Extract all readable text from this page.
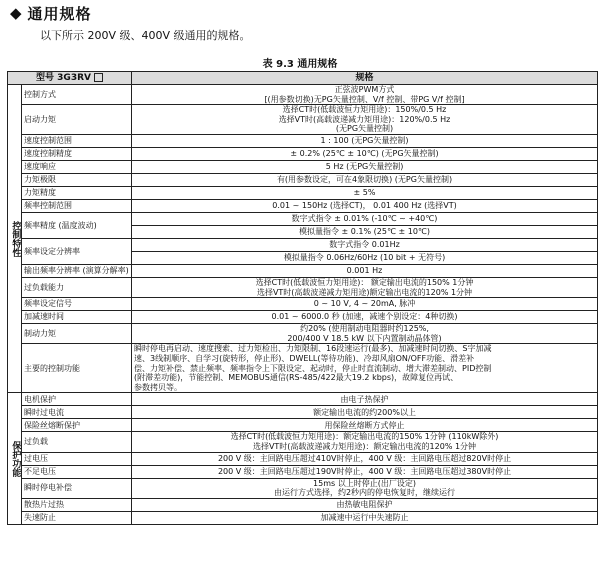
◆ 通用规格
以下所示 200V 级、400V 级通用的规格。
表 9.3 通用规格
型号 3G3RV		规格
控制特性	控制方式	正弦波PWM方式
[(用参数切换)无PG矢量控制、V/f 控制、带PG V/f 控制]

	启动力矩	选择CT时(低载波恒力矩用途)：150%/0.5 Hz
选择VT时(高载波递减力矩用途)：120%/0.5 Hz
(无PG矢量控制)

	速度控制范围	1 : 100 (无PG矢量控制)

	速度控制精度	± 0.2% (25℃ ± 10℃) (无PG矢量控制)

	速度响应	5 Hz (无PG矢量控制)

	力矩极限	有(用参数设定，可在4象限切换) (无PG矢量控制)

	力矩精度	± 5%

	频率控制范围	0.01 ~ 150Hz (选择CT)， 0.01 400 Hz (选择VT)

	频率精度 (温度波动)	数字式指令 ± 0.01% (-10℃ ~ +40℃)

		模拟量指令 ± 0.1% (25℃ ± 10℃)

	频率设定分辨率	数字式指令 0.01Hz

		模拟量指令 0.06Hz/60Hz (10 bit + 无符号)

	输出频率分辨率 (演算分解率)	0.001 Hz

	过负载能力	选择CT时(低载波恒力矩用途)： 额定输出电流的150% 1分钟
选择VT时(高载波递减力矩用途)额定输出电流的120% 1分钟

	频率设定信号	0 ~ 10 V, 4 ~ 20mA, 脉冲

	加减速时间	0.01 ~ 6000.0 秒 (加速，减速个别设定：4种切换)

	制动力矩	约20% (使用制动电阻器时约125%,
200/400 V 18.5 kW 以下内置制动晶体管)

	主要的控制功能	瞬时停电再启动、速度搜索、过力矩检出、力矩限制、16段速运行(最多)、加减速时间切换、S字加减
速、3线制顺序、自学习(旋转形，停止形)、DWELL(等待功能)、冷却风扇ON/OFF功能、滑差补
偿、力矩补偿、禁止频率、频率指令上下限设定、起动时，停止时直流制动、增大滞差制动、PID控制
(附滞差功能)，节能控制、MEMOBUS通信(RS-485/422最大19.2 kbps)，故障复位再试、
参数拷贝等。

保护功能	电机保护	由电子热保护

	瞬时过电流	额定输出电流的约200%以上

	保险丝熔断保护	用保险丝熔断方式停止

	过负载	选择CT时(低载波恒力矩用途)：额定输出电流的150% 1分钟 (110kW除外)
选择VT时(高载波递减力矩用途)：额定输出电流的120% 1分钟

	过电压	200 V 级：主回路电压超过410V时停止，400 V 级：主回路电压超过820V时停止

	不足电压	200 V 级：主回路电压超过190V时停止，400 V 级：主回路电压超过380V时停止

	瞬时停电补偿	15ms 以上时停止(出厂设定)
由运行方式选择，约2秒内的停电恢复时，继续运行

	散热片过热	由热敏电阻保护

	失速防止	加减速中运行中失速防止
